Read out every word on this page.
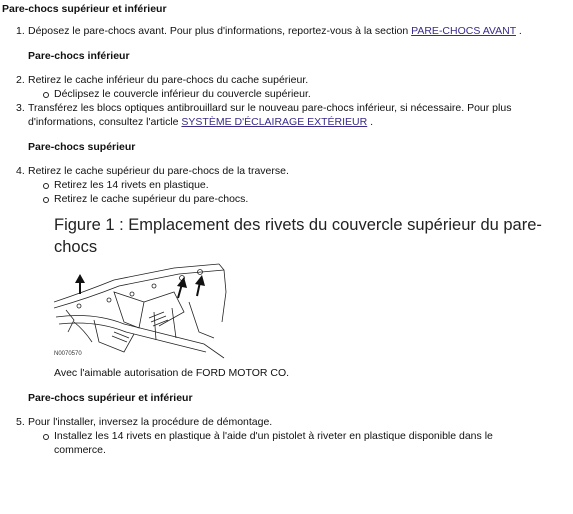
Pare-chocs supérieur et inférieur
1. Déposez le pare-chocs avant. Pour plus d'informations, reportez-vous à la section PARE-CHOCS AVANT .
Pare-chocs inférieur
2. Retirez le cache inférieur du pare-chocs du cache supérieur.
Déclipsez le couvercle inférieur du couvercle supérieur.
3. Transférez les blocs optiques antibrouillard sur le nouveau pare-chocs inférieur, si nécessaire. Pour plus
d'informations, consultez l'article SYSTÈME D'ÉCLAIRAGE EXTÉRIEUR .
Pare-chocs supérieur
4. Retirez le cache supérieur du pare-chocs de la traverse.
Retirez les 14 rivets en plastique.
Retirez le cache supérieur du pare-chocs.
Figure 1 : Emplacement des rivets du couvercle supérieur du pare-chocs
N0070570
Avec l'aimable autorisation de FORD MOTOR CO.
Pare-chocs supérieur et inférieur
5. Pour l'installer, inversez la procédure de démontage.
Installez les 14 rivets en plastique à l'aide d'un pistolet à riveter en plastique disponible dans le
commerce.
